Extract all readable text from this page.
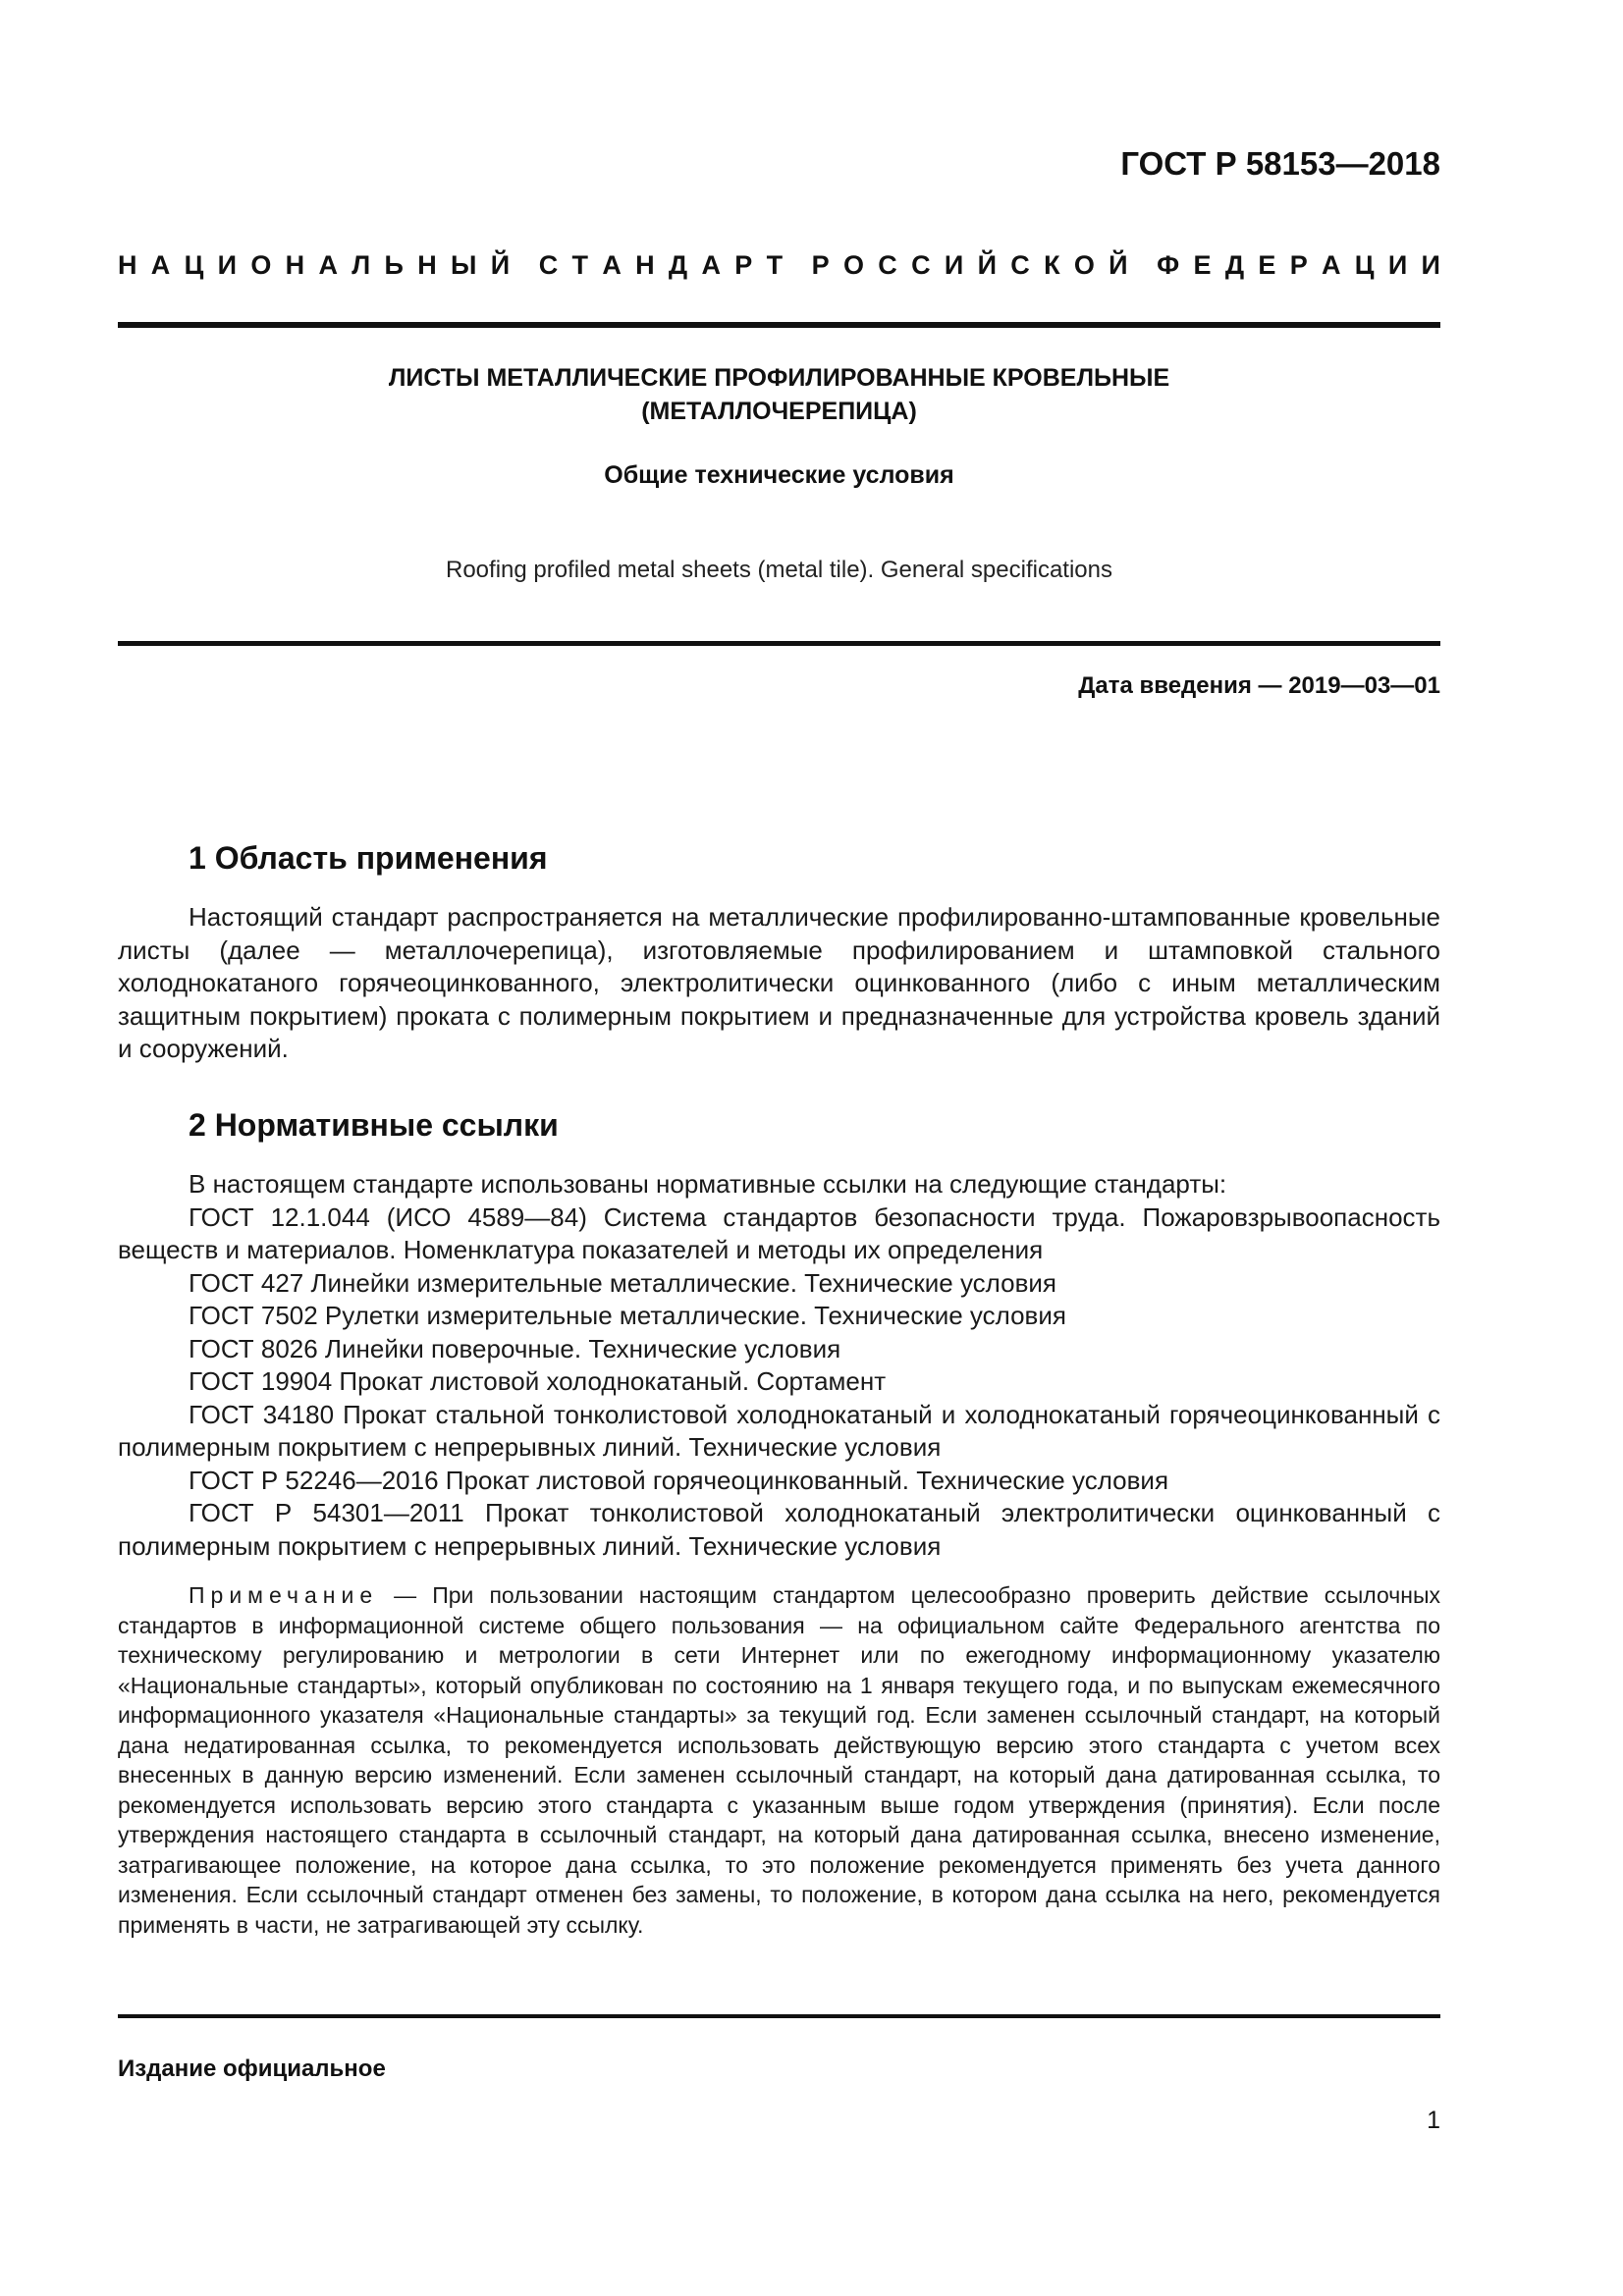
ГОСТ Р 58153—2018
Н А Ц И О Н А Л Ь Н Ы Й С Т А Н Д А Р Т Р О С С И Й С К О Й Ф Е Д Е Р А Ц И И
ЛИСТЫ МЕТАЛЛИЧЕСКИЕ ПРОФИЛИРОВАННЫЕ КРОВЕЛЬНЫЕ
(МЕТАЛЛОЧЕРЕПИЦА)
Общие технические условия
Roofing profiled metal sheets (metal tile). General specifications
Дата введения — 2019—03—01
1 Область применения

Настоящий стандарт распространяется на металлические профилированно-штампованные кровельные листы (далее — металлочерепица), изготовляемые профилированием и штамповкой стального холоднокатаного горячеоцинкованного, электролитически оцинкованного (либо с иным металлическим защитным покрытием) проката с полимерным покрытием и предназначенные для устройства кровель зданий и сооружений.

2 Нормативные ссылки

В настоящем стандарте использованы нормативные ссылки на следующие стандарты:

ГОСТ 12.1.044 (ИСО 4589—84) Система стандартов безопасности труда. Пожаровзрывоопасность веществ и материалов. Номенклатура показателей и методы их определения

ГОСТ 427 Линейки измерительные металлические. Технические условия

ГОСТ 7502 Рулетки измерительные металлические. Технические условия

ГОСТ 8026 Линейки поверочные. Технические условия

ГОСТ 19904 Прокат листовой холоднокатаный. Сортамент

ГОСТ 34180 Прокат стальной тонколистовой холоднокатаный и холоднокатаный горячеоцинкованный с полимерным покрытием с непрерывных линий. Технические условия

ГОСТ Р 52246—2016 Прокат листовой горячеоцинкованный. Технические условия

ГОСТ Р 54301—2011 Прокат тонколистовой холоднокатаный электролитически оцинкованный с полимерным покрытием с непрерывных линий. Технические условия

Примечание — При пользовании настоящим стандартом целесообразно проверить действие ссылочных стандартов в информационной системе общего пользования — на официальном сайте Федерального агентства по техническому регулированию и метрологии в сети Интернет или по ежегодному информационному указателю «Национальные стандарты», который опубликован по состоянию на 1 января текущего года, и по выпускам ежемесячного информационного указателя «Национальные стандарты» за текущий год. Если заменен ссылочный стандарт, на который дана недатированная ссылка, то рекомендуется использовать действующую версию этого стандарта с учетом всех внесенных в данную версию изменений. Если заменен ссылочный стандарт, на который дана датированная ссылка, то рекомендуется использовать версию этого стандарта с указанным выше годом утверждения (принятия). Если после утверждения настоящего стандарта в ссылочный стандарт, на который дана датированная ссылка, внесено изменение, затрагивающее положение, на которое дана ссылка, то это положение рекомендуется применять без учета данного изменения. Если ссылочный стандарт отменен без замены, то положение, в котором дана ссылка на него, рекомендуется применять в части, не затрагивающей эту ссылку.

Издание официальное
1
